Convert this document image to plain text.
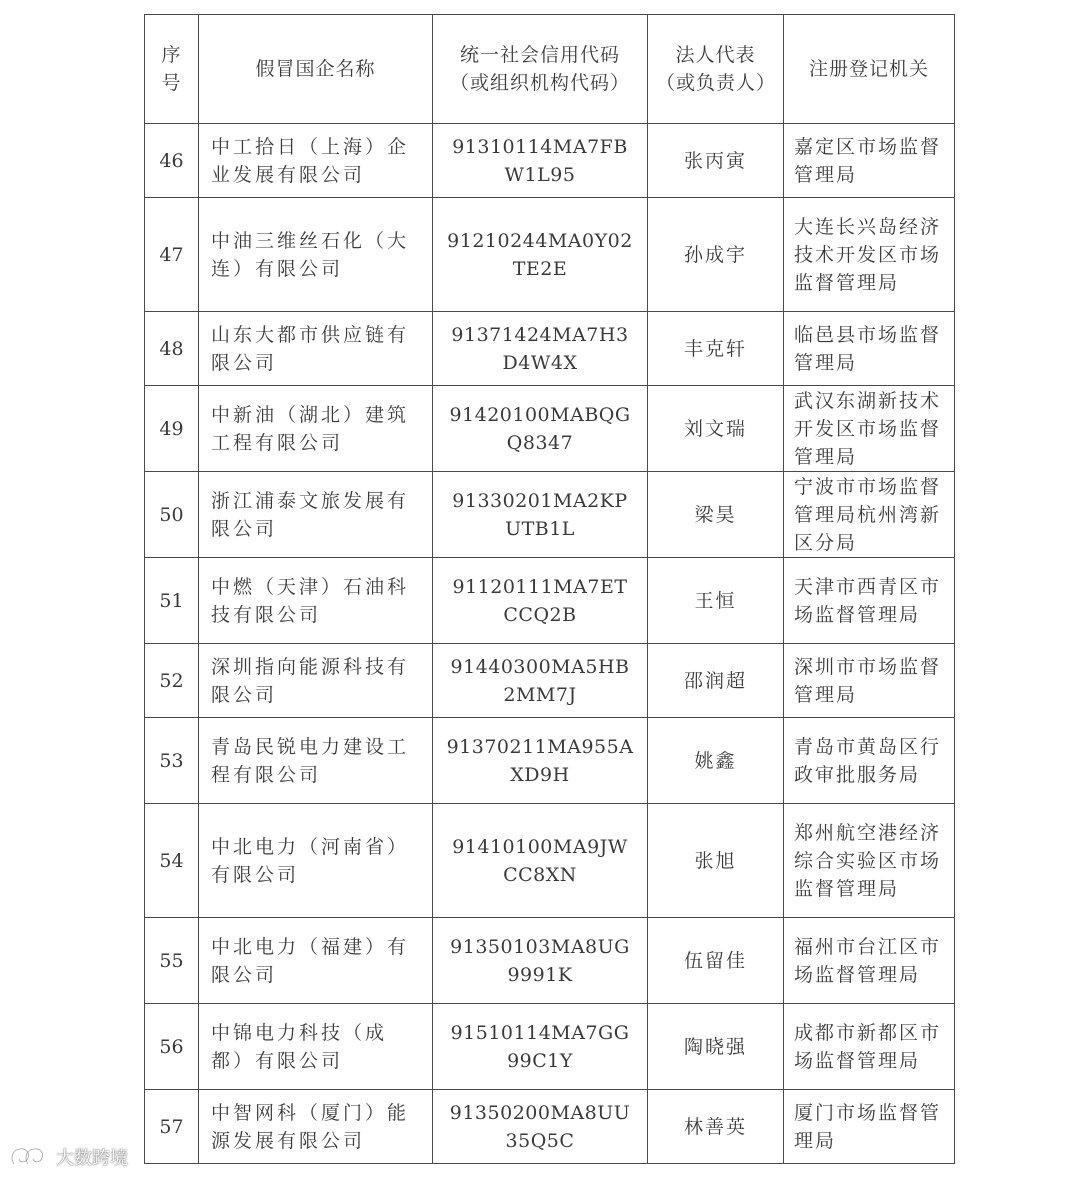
序号	假冒国企名称	统一社会信用代码（或组织机构代码）	法人代表（或负责人）	注册登记机关

46	中工拾日（上海）企业发展有限公司	91310114MA7FBW1L95	张丙寅	嘉定区市场监督管理局
47	中油三维丝石化（大连）有限公司	91210244MA0Y02TE2E	孙成宇	大连长兴岛经济技术开发区市场监督管理局
48	山东大都市供应链有限公司	91371424MA7H3D4W4X	丰克轩	临邑县市场监督管理局
49	中新油（湖北）建筑工程有限公司	91420100MABQGQ8347	刘文瑞	武汉东湖新技术开发区市场监督管理局
50	浙江浦泰文旅发展有限公司	91330201MA2KPUTB1L	梁昊	宁波市市场监督管理局杭州湾新区分局
51	中燃（天津）石油科技有限公司	91120111MA7ETCCQ2B	王恒	天津市西青区市场监督管理局
52	深圳指向能源科技有限公司	91440300MA5HB2MM7J	邵润超	深圳市市场监督管理局
53	青岛民锐电力建设工程有限公司	91370211MA955AXD9H	姚鑫	青岛市黄岛区行政审批服务局
54	中北电力（河南省）有限公司	91410100MA9JWCC8XN	张旭	郑州航空港经济综合实验区市场监督管理局
55	中北电力（福建）有限公司	91350103MA8UG9991K	伍留佳	福州市台江区市场监督管理局
56	中锦电力科技（成都）有限公司	91510114MA7GG99C1Y	陶晓强	成都市新都区市场监督管理局
57	中智网科（厦门）能源发展有限公司	91350200MA8UU35Q5C	林善英	厦门市场监督管理局
大数跨境
